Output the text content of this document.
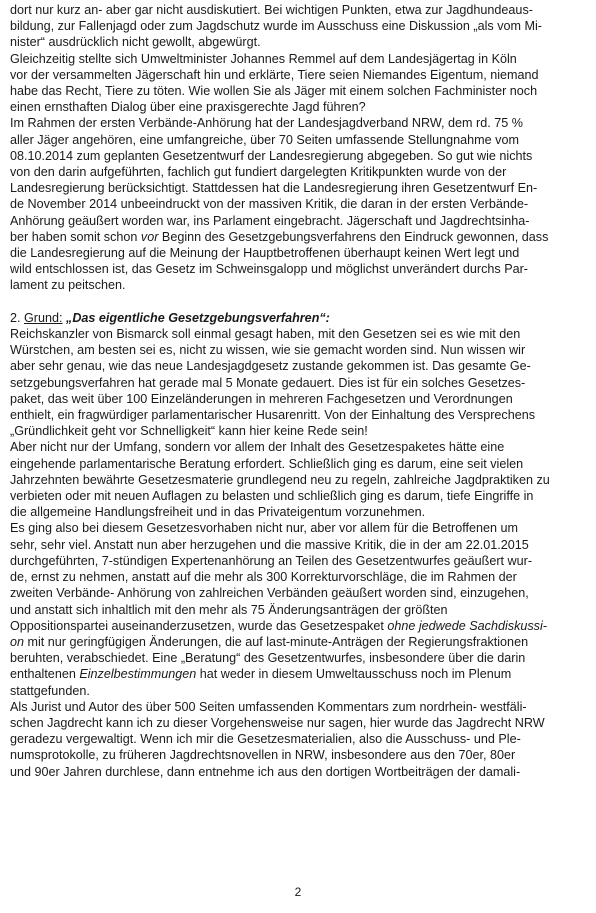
dort nur kurz an- aber gar nicht ausdiskutiert. Bei wichtigen Punkten, etwa zur Jagdhundeaus-
bildung, zur Fallenjagd oder zum Jagdschutz wurde im Ausschuss eine Diskussion „als vom Mi-
nister“ ausdrücklich nicht gewollt, abgewürgt.
Gleichzeitig stellte sich Umweltminister Johannes Remmel auf dem Landesjägertag in Köln
vor der versammelten Jägerschaft hin und erklärte, Tiere seien Niemandes Eigentum, niemand
habe das Recht, Tiere zu töten. Wie wollen Sie als Jäger mit einem solchen Fachminister noch
einen ernsthaften Dialog über eine praxisgerechte Jagd führen?
Im Rahmen der ersten Verbände-Anhörung hat der Landesjagdverband NRW, dem rd. 75 %
aller Jäger angehören, eine umfangreiche, über 70 Seiten umfassende Stellungnahme vom
08.10.2014 zum geplanten Gesetzentwurf der Landesregierung abgegeben. So gut wie nichts
von den darin aufgeführten, fachlich gut fundiert dargelegten Kritikpunkten wurde von der
Landesregierung berücksichtigt. Stattdessen hat die Landesregierung ihren Gesetzentwurf En-
de November 2014 unbeeindruckt von der massiven Kritik, die daran in der ersten Verbände-
Anhörung geäußert worden war, ins Parlament eingebracht. Jägerschaft und Jagdrechtsinha-
ber haben somit schon vor Beginn des Gesetzgebungsverfahrens den Eindruck gewonnen, dass
die Landesregierung auf die Meinung der Hauptbetroffenen überhaupt keinen Wert legt und
wild entschlossen ist, das Gesetz im Schweinsgalopp und möglichst unverändert durchs Par-
lament zu peitschen.
2. Grund: „Das eigentliche Gesetzgebungsverfahren“:
Reichskanzler von Bismarck soll einmal gesagt haben, mit den Gesetzen sei es wie mit den
Würstchen, am besten sei es, nicht zu wissen, wie sie gemacht worden sind. Nun wissen wir
aber sehr genau, wie das neue Landesjagdgesetz zustande gekommen ist. Das gesamte Ge-
setzgebungsverfahren hat gerade mal 5 Monate gedauert. Dies ist für ein solches Gesetzes-
paket, das weit über 100 Einzeländerungen in mehreren Fachgesetzen und Verordnungen
enthielt, ein fragwürdiger parlamentarischer Husarenritt. Von der Einhaltung des Versprechens
„Gründlichkeit geht vor Schnelligkeit“ kann hier keine Rede sein!
Aber nicht nur der Umfang, sondern vor allem der Inhalt des Gesetzespaketes hätte eine
eingehende parlamentarische Beratung erfordert. Schließlich ging es darum, eine seit vielen
Jahrzehnten bewährte Gesetzesmaterie grundlegend neu zu regeln, zahlreiche Jagdpraktiken zu
verbieten oder mit neuen Auflagen zu belasten und schließlich ging es darum, tiefe Eingriffe in
die allgemeine Handlungsfreiheit und in das Privateigentum vorzunehmen.
Es ging also bei diesem Gesetzesvorhaben nicht nur, aber vor allem für die Betroffenen um
sehr, sehr viel. Anstatt nun aber herzugehen und die massive Kritik, die in der am 22.01.2015
durchgeführten, 7-stündigen Expertenanhörung an Teilen des Gesetzentwurfes geäußert wur-
de, ernst zu nehmen, anstatt auf die mehr als 300 Korrekturvorschläge, die im Rahmen der
zweiten Verbände- Anhörung von zahlreichen Verbänden geäußert worden sind, einzugehen,
und anstatt sich inhaltlich mit den mehr als 75 Änderungsanträgen der größten
Oppositionspartei auseinanderzusetzen, wurde das Gesetzespaket ohne jedwede Sachdiskussi-
on mit nur geringfügigen Änderungen, die auf last-minute-Anträgen der Regierungsfraktionen
beruhten, verabschiedet. Eine „Beratung“ des Gesetzentwurfes, insbesondere über die darin
enthaltenen Einzelbestimmungen hat weder in diesem Umweltausschuss noch im Plenum
stattgefunden.
Als Jurist und Autor des über 500 Seiten umfassenden Kommentars zum nordrhein- westfäli-
schen Jagdrecht kann ich zu dieser Vorgehensweise nur sagen, hier wurde das Jagdrecht NRW
geradezu vergewaltigt. Wenn ich mir die Gesetzesmaterialien, also die Ausschuss- und Ple-
numsprotokolle, zu früheren Jagdrechtsnovellen in NRW, insbesondere aus den 70er, 80er
und 90er Jahren durchlese, dann entnehme ich aus den dortigen Wortbeiträgen der damali-
2
